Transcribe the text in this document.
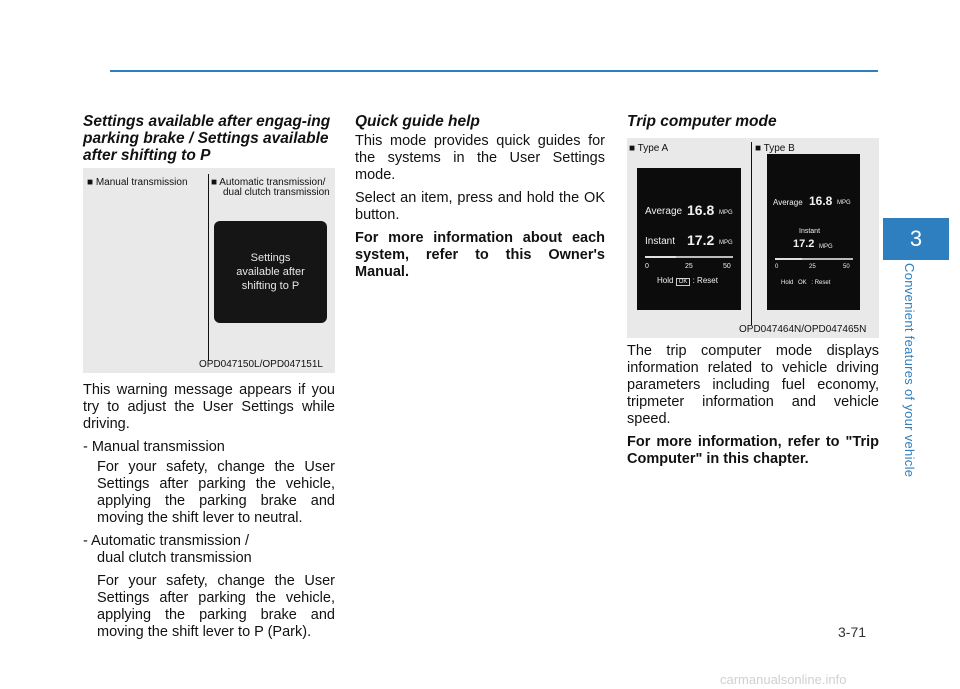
Settings available after engag-ing parking brake / Settings available after shifting to P
■ Manual transmission ■ Automatic transmission/
dual clutch transmission
Settings
available after
shifting to P
OPD047150L/OPD047151L

This warning message appears if you try to adjust the User Settings while driving.

- Manual transmission

For your safety, change the User Settings after parking the vehicle, applying the parking brake and moving the shift lever to neutral.

- Automatic transmission /
dual clutch transmission

For your safety, change the User Settings after parking the vehicle, applying the parking brake and moving the shift lever to P (Park).

Quick guide help

This mode provides quick guides for the systems in the User Settings mode.

Select an item, press and hold the OK button.

For more information about each system, refer to this Owner's Manual.

Trip computer mode
■ Type A	■ Type B
Average 16.8 MPG
Instant 17.2 MPG
0	25	50
Hold OK : Reset
Average 16.8 MPG
Instant
17.2 MPG
0	25	50
Hold OK : Reset
OPD047464N/OPD047465N

The trip computer mode displays information related to vehicle driving parameters including fuel economy, tripmeter information and vehicle speed.

For more information, refer to "Trip Computer" in this chapter.

3
Convenient features of your vehicle
3-71
carmanualsonline.info
